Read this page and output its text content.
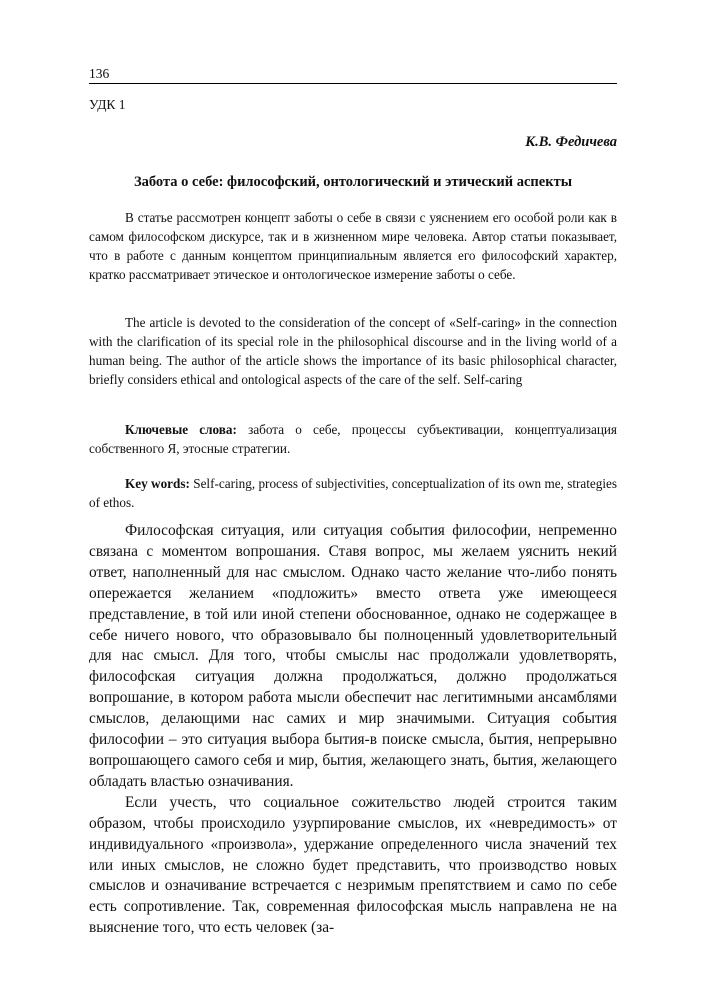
136
УДК 1
К.В. Федичева
Забота о себе: философский, онтологический и этический аспекты

В статье рассмотрен концепт заботы о себе в связи с уяснением его особой роли как в самом философском дискурсе, так и в жизненном мире человека. Автор статьи показывает, что в работе с данным концептом принципиальным является его философский характер, кратко рассматривает этическое и онтологическое измерение заботы о себе.

The article is devoted to the consideration of the concept of «Self-caring» in the connection with the clarification of its special role in the philosophical discourse and in the living world of a human being. The author of the article shows the importance of its basic philosophical character, briefly considers ethical and ontological aspects of the care of the self. Self-caring

Ключевые слова: забота о себе, процессы субъективации, концептуализация собственного Я, этосные стратегии.

Key words: Self-caring, process of subjectivities, conceptualization of its own me, strategies of ethos.

Философская ситуация, или ситуация события философии, непременно связана с моментом вопрошания. Ставя вопрос, мы желаем уяснить некий ответ, наполненный для нас смыслом. Однако часто желание что-либо понять опережается желанием «подложить» вместо ответа уже имеющееся представление, в той или иной степени обоснованное, однако не содержащее в себе ничего нового, что образовывало бы полноценный удовлетворительный для нас смысл. Для того, чтобы смыслы нас продолжали удовлетворять, философская ситуация должна продолжаться, должно продолжаться вопрошание, в котором работа мысли обеспечит нас легитимными ансамблями смыслов, делающими нас самих и мир значимыми. Ситуация события философии – это ситуация выбора бытия-в поиске смысла, бытия, непрерывно вопрошающего самого себя и мир, бытия, желающего знать, бытия, желающего обладать властью означивания.

Если учесть, что социальное сожительство людей строится таким образом, чтобы происходило узурпирование смыслов, их «невредимость» от индивидуального «произвола», удержание определенного числа значений тех или иных смыслов, не сложно будет представить, что производство новых смыслов и означивание встречается с незримым препятствием и само по себе есть сопротивление. Так, современная философская мысль направлена не на выяснение того, что есть человек (за-
